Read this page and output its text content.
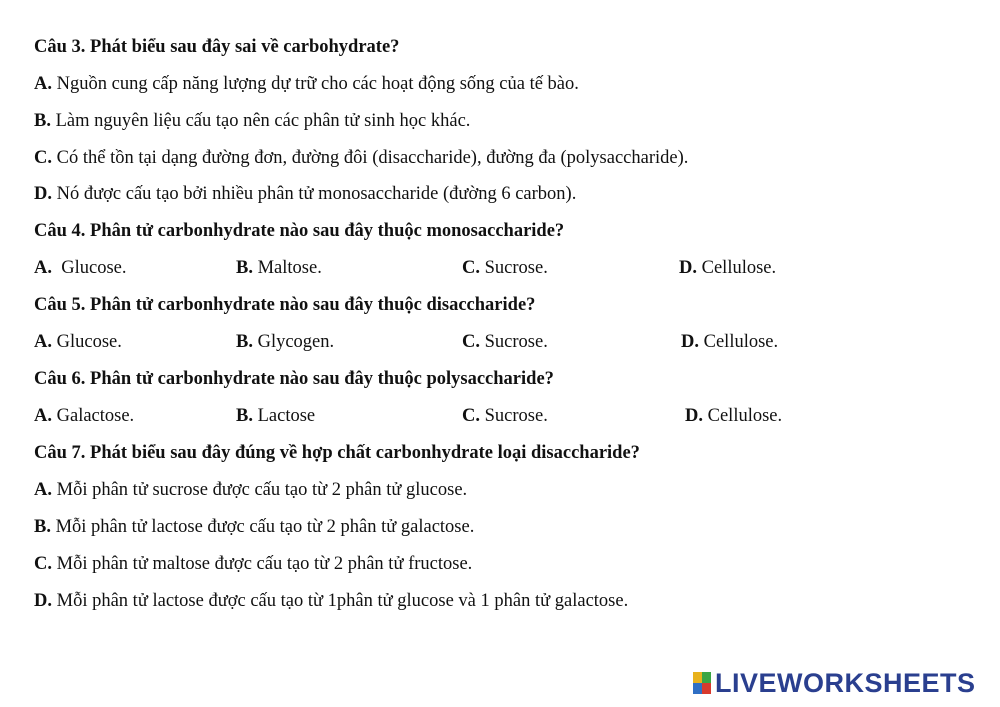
Câu 3. Phát biểu sau đây sai về carbohydrate?
A. Nguồn cung cấp năng lượng dự trữ cho các hoạt động sống của tế bào.
B. Làm nguyên liệu cấu tạo nên các phân tử sinh học khác.
C. Có thể tồn tại dạng đường đơn, đường đôi (disaccharide), đường đa (polysaccharide).
D. Nó được cấu tạo bởi nhiều phân tử monosaccharide (đường 6 carbon).
Câu 4. Phân tử carbonhydrate nào sau đây thuộc monosaccharide?
A.  Glucose.	B. Maltose.	C. Sucrose.	D. Cellulose.
Câu 5. Phân tử carbonhydrate nào sau đây thuộc disaccharide?
A. Glucose.	B. Glycogen.	C. Sucrose.	D. Cellulose.
Câu 6. Phân tử carbonhydrate nào sau đây thuộc polysaccharide?
A. Galactose.	B. Lactose	C. Sucrose.	D. Cellulose.
Câu 7. Phát biểu sau đây đúng về hợp chất carbonhydrate loại disaccharide?
A. Mỗi phân tử sucrose được cấu tạo từ 2 phân tử glucose.
B. Mỗi phân tử lactose được cấu tạo từ 2 phân tử galactose.
C. Mỗi phân tử maltose được cấu tạo từ 2 phân tử fructose.
D. Mỗi phân tử lactose được cấu tạo từ 1phân tử glucose và 1 phân tử galactose.
LIVEWORKSHEETS
